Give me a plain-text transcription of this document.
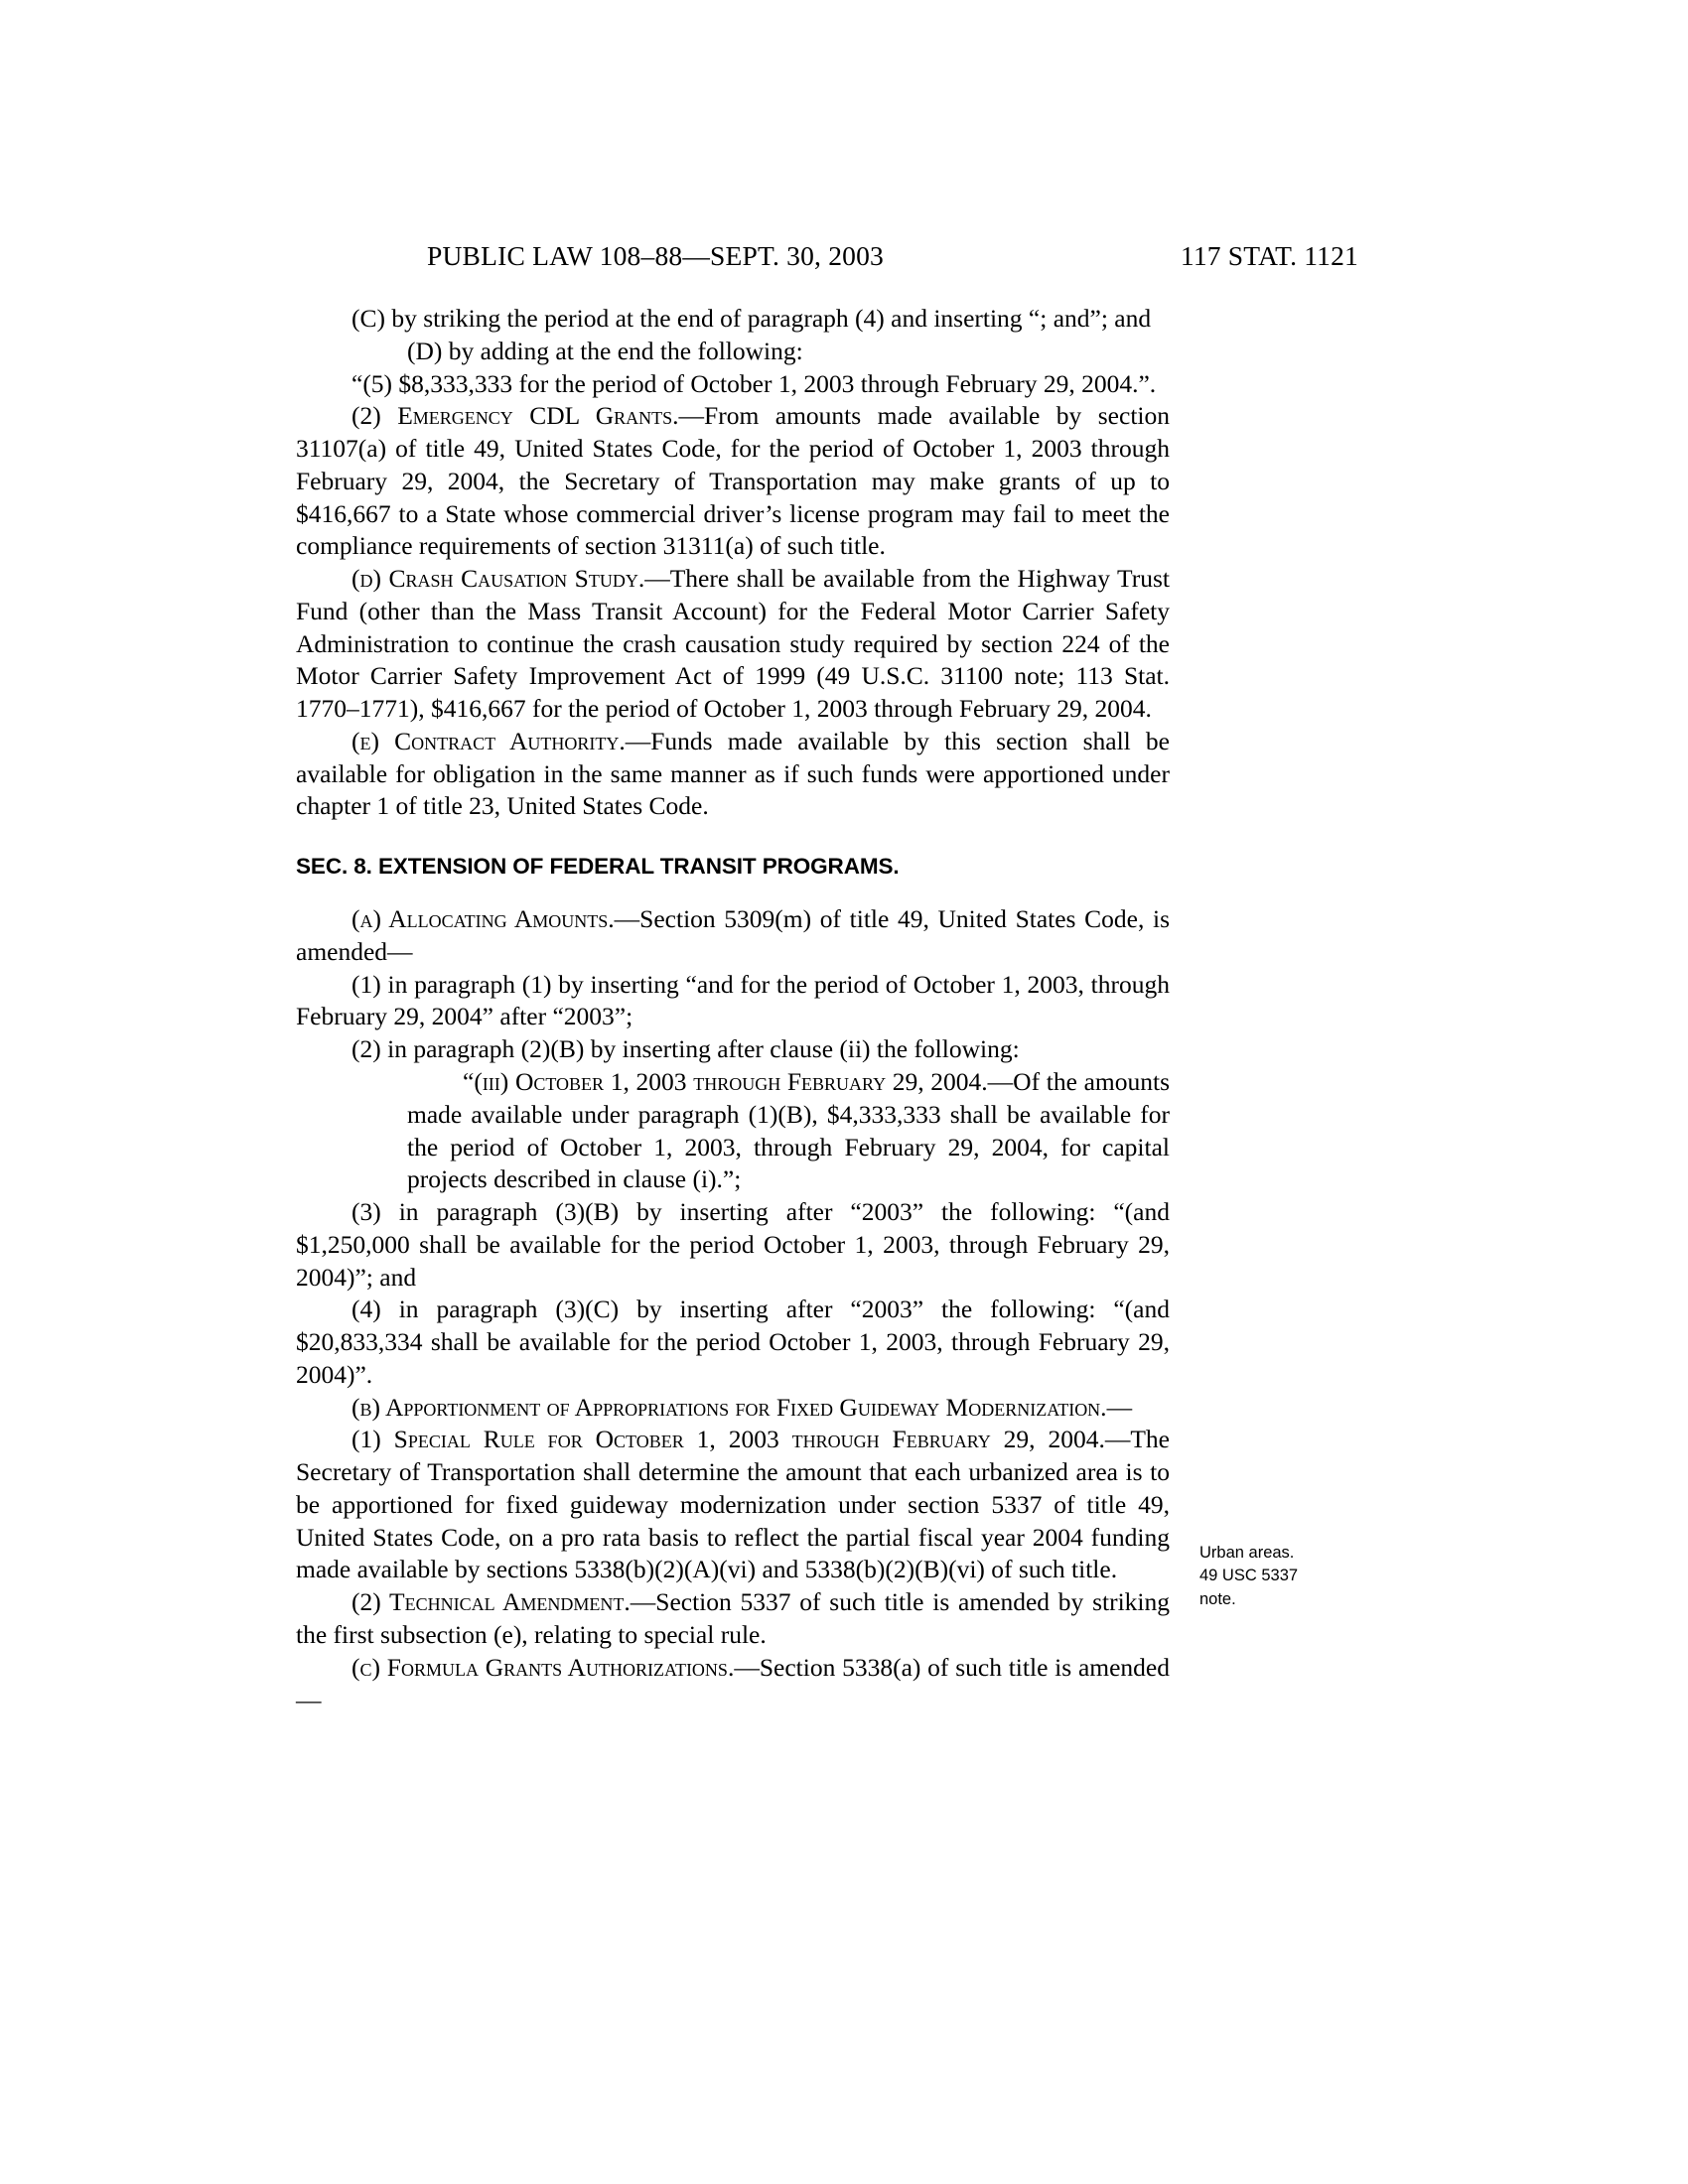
PUBLIC LAW 108–88—SEPT. 30, 2003	117 STAT. 1121

(C) by striking the period at the end of paragraph (4) and inserting “; and”; and

(D) by adding at the end the following:

“(5) $8,333,333 for the period of October 1, 2003 through February 29, 2004.”.

(2) Emergency CDL Grants.—From amounts made available by section 31107(a) of title 49, United States Code, for the period of October 1, 2003 through February 29, 2004, the Secretary of Transportation may make grants of up to $416,667 to a State whose commercial driver’s license program may fail to meet the compliance requirements of section 31311(a) of such title.

(d) Crash Causation Study.—There shall be available from the Highway Trust Fund (other than the Mass Transit Account) for the Federal Motor Carrier Safety Administration to continue the crash causation study required by section 224 of the Motor Carrier Safety Improvement Act of 1999 (49 U.S.C. 31100 note; 113 Stat. 1770–1771), $416,667 for the period of October 1, 2003 through February 29, 2004.

(e) Contract Authority.—Funds made available by this section shall be available for obligation in the same manner as if such funds were apportioned under chapter 1 of title 23, United States Code.

SEC. 8. EXTENSION OF FEDERAL TRANSIT PROGRAMS.

(a) Allocating Amounts.—Section 5309(m) of title 49, United States Code, is amended—

(1) in paragraph (1) by inserting “and for the period of October 1, 2003, through February 29, 2004” after “2003”;

(2) in paragraph (2)(B) by inserting after clause (ii) the following:

“(iii) October 1, 2003 through February 29, 2004.—Of the amounts made available under paragraph (1)(B), $4,333,333 shall be available for the period of October 1, 2003, through February 29, 2004, for capital projects described in clause (i).”;

(3) in paragraph (3)(B) by inserting after “2003” the following: “(and $1,250,000 shall be available for the period October 1, 2003, through February 29, 2004)”; and

(4) in paragraph (3)(C) by inserting after “2003” the following: “(and $20,833,334 shall be available for the period October 1, 2003, through February 29, 2004)”.

(b) Apportionment of Appropriations for Fixed Guideway Modernization.—

(1) Special Rule for October 1, 2003 through February 29, 2004.—The Secretary of Transportation shall determine the amount that each urbanized area is to be apportioned for fixed guideway modernization under section 5337 of title 49, United States Code, on a pro rata basis to reflect the partial fiscal year 2004 funding made available by sections 5338(b)(2)(A)(vi) and 5338(b)(2)(B)(vi) of such title.

(2) Technical Amendment.—Section 5337 of such title is amended by striking the first subsection (e), relating to special rule.

(c) Formula Grants Authorizations.—Section 5338(a) of such title is amended—

Urban areas.
49 USC 5337
note.
